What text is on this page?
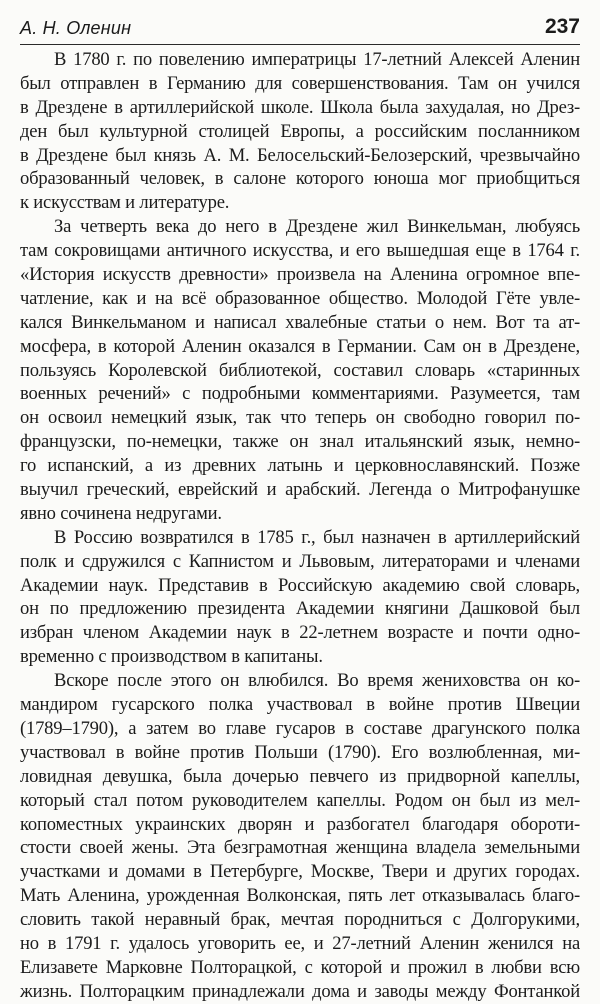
А. Н. Оленин	237
В 1780 г. по повелению императрицы 17-летний Алексей Аленин
был отправлен в Германию для совершенствования. Там он учился
в Дрездене в артиллерийской школе. Школа была захудалая, но Дрез-
ден был культурной столицей Европы, а российским посланником
в Дрездене был князь А. М. Белосельский-Белозерский, чрезвычайно
образованный человек, в салоне которого юноша мог приобщиться
к искусствам и литературе.
За четверть века до него в Дрездене жил Винкельман, любуясь
там сокровищами античного искусства, и его вышедшая еще в 1764 г.
«История искусств древности» произвела на Аленина огромное впе-
чатление, как и на всё образованное общество. Молодой Гёте увле-
кался Винкельманом и написал хвалебные статьи о нем. Вот та ат-
мосфера, в которой Аленин оказался в Германии. Сам он в Дрездене,
пользуясь Королевской библиотекой, составил словарь «старинных
военных речений» с подробными комментариями. Разумеется, там
он освоил немецкий язык, так что теперь он свободно говорил по-
французски, по-немецки, также он знал итальянский язык, немно-
го испанский, а из древних латынь и церковнославянский. Позже
выучил греческий, еврейский и арабский. Легенда о Митрофанушке
явно сочинена недругами.
В Россию возвратился в 1785 г., был назначен в артиллерийский
полк и сдружился с Капнистом и Львовым, литераторами и членами
Академии наук. Представив в Российскую академию свой словарь,
он по предложению президента Академии княгини Дашковой был
избран членом Академии наук в 22-летнем возрасте и почти одно-
временно с производством в капитаны.
Вскоре после этого он влюбился. Во время жениховства он ко-
мандиром гусарского полка участвовал в войне против Швеции
(1789–1790), а затем во главе гусаров в составе драгунского полка
участвовал в войне против Польши (1790). Его возлюбленная, ми-
ловидная девушка, была дочерью певчего из придворной капеллы,
который стал потом руководителем капеллы. Родом он был из мел-
копоместных украинских дворян и разбогател благодаря оборoти-
стости своей жены. Эта безграмотная женщина владела земельными
участками и домами в Петербурге, Москве, Твери и других городах.
Мать Аленина, урожденная Волконская, пять лет отказывалась благо-
словить такой неравный брак, мечтая породниться с Долгорукими,
но в 1791 г. удалось уговорить ее, и 27-летний Аленин женился на
Елизавете Марковне Полторацкой, с которой и прожил в любви всю
жизнь. Полторацким принадлежали дома и заводы между Фонтанкой
